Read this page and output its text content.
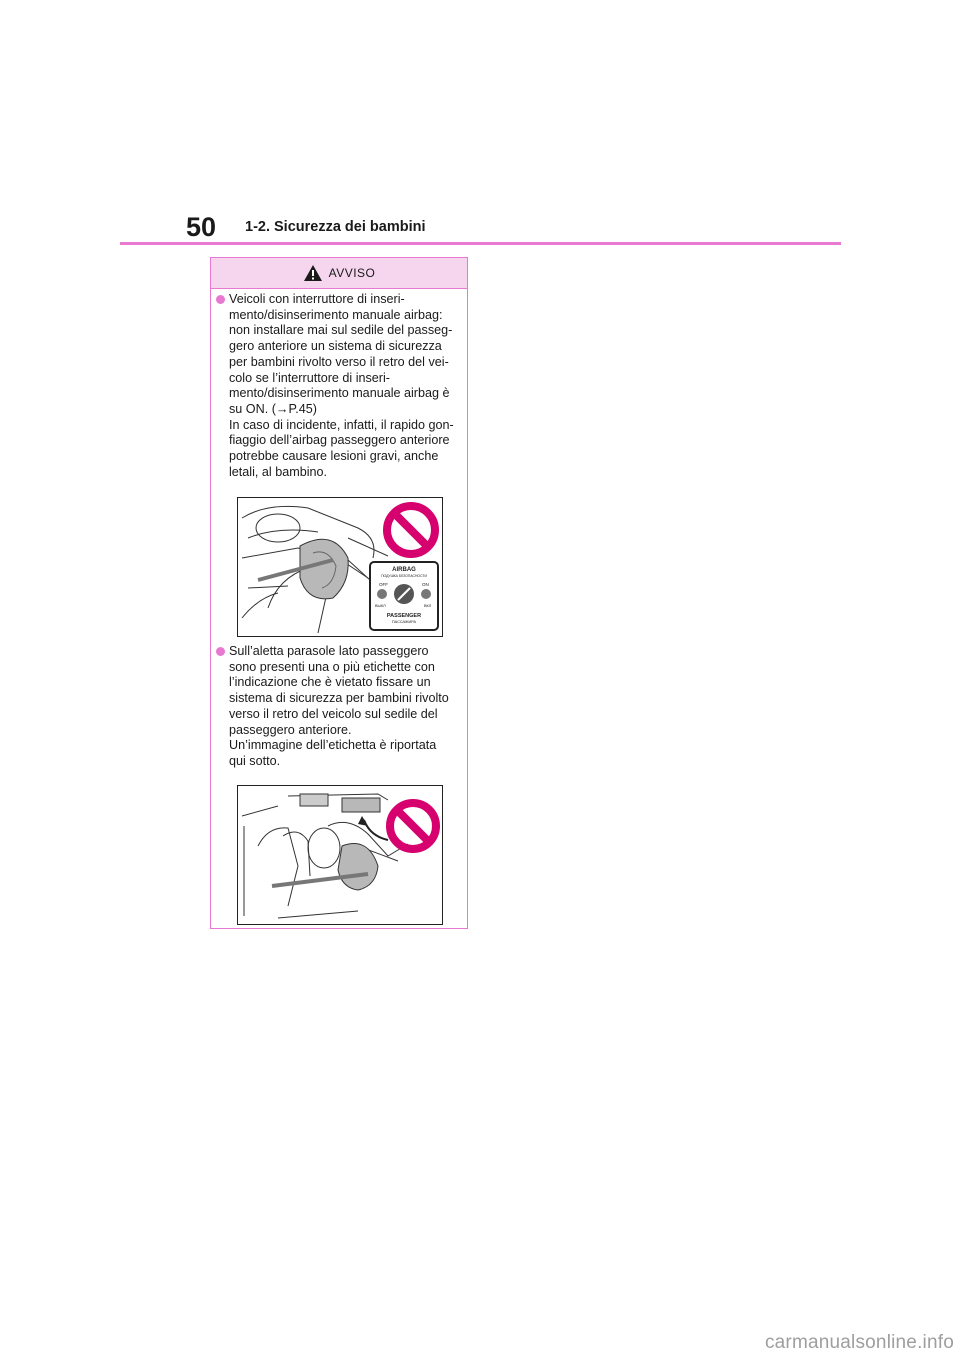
50 1-2. Sicurezza dei bambini
AVVISO
Veicoli con interruttore di inseri-
mento/disinserimento manuale airbag:
non installare mai sul sedile del passeg-
gero anteriore un sistema di sicurezza
per bambini rivolto verso il retro del vei-
colo se l’interruttore di inseri-
mento/disinserimento manuale airbag è
su ON. (→P.45)
In caso di incidente, infatti, il rapido gon-
fiaggio dell’airbag passeggero anteriore
potrebbe causare lesioni gravi, anche
letali, al bambino.
AIRBAG
ПОДУШКА БЕЗОПАСНОСТИ
OFF	ON
ВЫКЛ	ВКЛ
PASSENGER
ПАССАЖИРА
Sull’aletta parasole lato passeggero
sono presenti una o più etichette con
l’indicazione che è vietato fissare un
sistema di sicurezza per bambini rivolto
verso il retro del veicolo sul sedile del
passeggero anteriore.
Un’immagine dell’etichetta è riportata
qui sotto.
carmanualsonline.info
